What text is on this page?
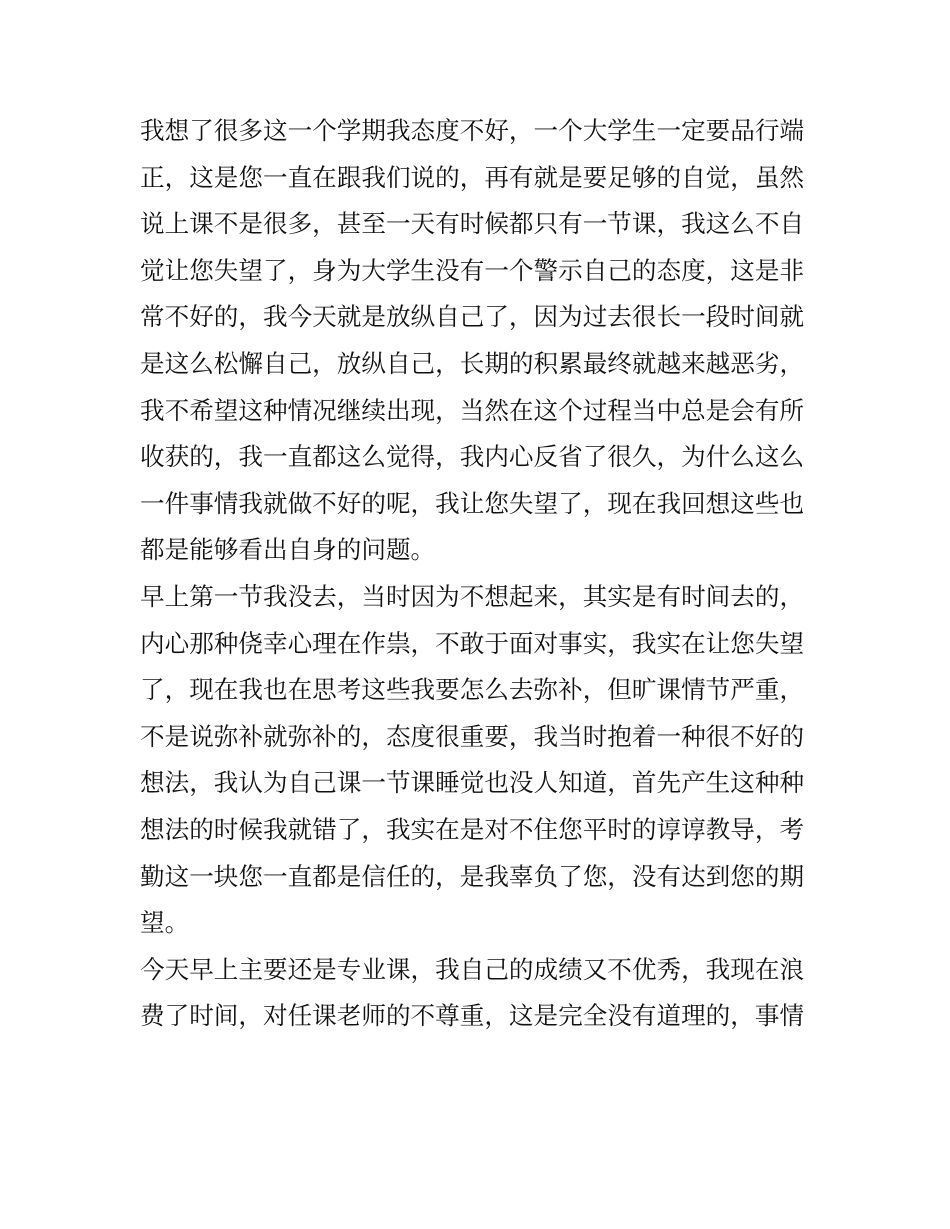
我想了很多这一个学期我态度不好，一个大学生一定要品行端
正，这是您一直在跟我们说的，再有就是要足够的自觉，虽然
说上课不是很多，甚至一天有时候都只有一节课，我这么不自
觉让您失望了，身为大学生没有一个警示自己的态度，这是非
常不好的，我今天就是放纵自己了，因为过去很长一段时间就
是这么松懈自己，放纵自己，长期的积累最终就越来越恶劣，
我不希望这种情况继续出现，当然在这个过程当中总是会有所
收获的，我一直都这么觉得，我内心反省了很久，为什么这么
一件事情我就做不好的呢，我让您失望了，现在我回想这些也
都是能够看出自身的问题。
早上第一节我没去，当时因为不想起来，其实是有时间去的，
内心那种侥幸心理在作祟，不敢于面对事实，我实在让您失望
了，现在我也在思考这些我要怎么去弥补，但旷课情节严重，
不是说弥补就弥补的，态度很重要，我当时抱着一种很不好的
想法，我认为自己课一节课睡觉也没人知道，首先产生这种种
想法的时候我就错了，我实在是对不住您平时的谆谆教导，考
勤这一块您一直都是信任的，是我辜负了您，没有达到您的期
望。
今天早上主要还是专业课，我自己的成绩又不优秀，我现在浪
费了时间，对任课老师的不尊重，这是完全没有道理的，事情
